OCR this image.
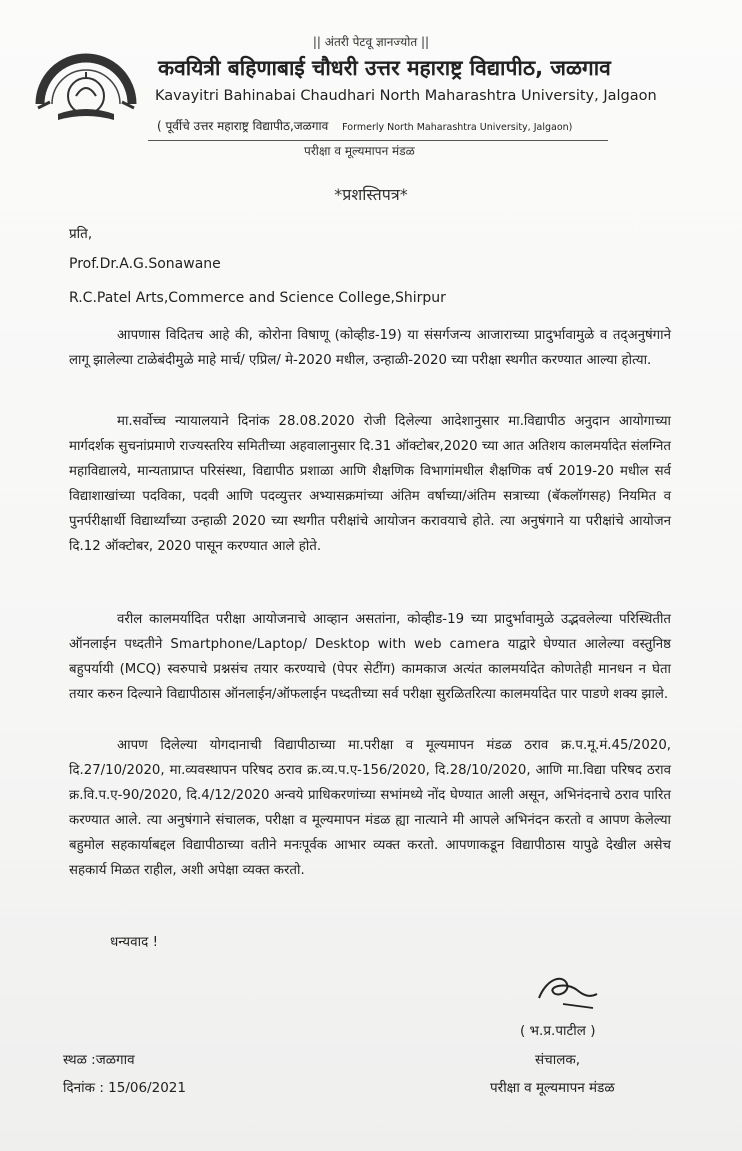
|| अंतरी पेटवू ज्ञानज्योत ||
कवयित्री बहिणाबाई चौधरी उत्तर महाराष्ट्र विद्यापीठ, जळगाव
Kavayitri Bahinabai Chaudhari North Maharashtra University, Jalgaon
( पूर्वीचे उत्तर महाराष्ट्र विद्यापीठ,जळगाव Formerly North Maharashtra University, Jalgaon)
परीक्षा व मूल्यमापन मंडळ
*प्रशस्तिपत्र*
प्रति,
Prof.Dr.A.G.Sonawane
R.C.Patel Arts,Commerce and Science College,Shirpur
आपणास विदितच आहे की, कोरोना विषाणू (कोव्हीड-19) या संसर्गजन्य आजाराच्या प्रादुर्भावामुळे व तद्अनुषंगाने लागू झालेल्या टाळेबंदीमुळे माहे मार्च/ एप्रिल/ मे-2020 मधील, उन्हाळी-2020 च्या परीक्षा स्थगीत करण्यात आल्या होत्या.
मा.सर्वोच्च न्यायालयाने दिनांक 28.08.2020 रोजी दिलेल्या आदेशानुसार मा.विद्यापीठ अनुदान आयोगाच्या मार्गदर्शक सुचनांप्रमाणे राज्यस्तरिय समितीच्या अहवालानुसार दि.31 ऑक्टोबर,2020 च्या आत अतिशय कालमर्यादेत संलग्नित महाविद्यालये, मान्यताप्राप्त परिसंस्था, विद्यापीठ प्रशाळा आणि शैक्षणिक विभागांमधील शैक्षणिक वर्ष 2019-20 मधील सर्व विद्याशाखांच्या पदविका, पदवी आणि पदव्युत्तर अभ्यासक्रमांच्या अंतिम वर्षाच्या/अंतिम सत्राच्या (बॅकलॉगसह) नियमित व पुनर्परीक्षार्थी विद्यार्थ्यांच्या उन्हाळी 2020 च्या स्थगीत परीक्षांचे आयोजन करावयाचे होते. त्या अनुषंगाने या परीक्षांचे आयोजन दि.12 ऑक्टोबर, 2020 पासून करण्यात आले होते.
वरील कालमर्यादित परीक्षा आयोजनाचे आव्हान असतांना, कोव्हीड-19 च्या प्रादुर्भावामुळे उद्भवलेल्या परिस्थितीत ऑनलाईन पध्दतीने Smartphone/Laptop/ Desktop with web camera याद्वारे घेण्यात आलेल्या वस्तुनिष्ठ बहुपर्यायी (MCQ) स्वरुपाचे प्रश्नसंच तयार करण्याचे (पेपर सेटींग) कामकाज अत्यंत कालमर्यादेत कोणतेही मानधन न घेता तयार करुन दिल्याने विद्यापीठास ऑनलाईन/ऑफलाईन पध्दतीच्या सर्व परीक्षा सुरळितरित्या कालमर्यादेत पार पाडणे शक्य झाले.
आपण दिलेल्या योगदानाची विद्यापीठाच्या मा.परीक्षा व मूल्यमापन मंडळ ठराव क्र.प.मू.मं.45/2020, दि.27/10/2020, मा.व्यवस्थापन परिषद ठराव क्र.व्य.प.ए-156/2020, दि.28/10/2020, आणि मा.विद्या परिषद ठराव क्र.वि.प.ए-90/2020, दि.4/12/2020 अन्वये प्राधिकरणांच्या सभांमध्ये नोंद घेण्यात आली असून, अभिनंदनाचे ठराव पारित करण्यात आले. त्या अनुषंगाने संचालक, परीक्षा व मूल्यमापन मंडळ ह्या नात्याने मी आपले अभिनंदन करतो व आपण केलेल्या बहुमोल सहकार्याबद्दल विद्यापीठाच्या वतीने मनःपूर्वक आभार व्यक्त करतो. आपणाकडून विद्यापीठास यापुढे देखील असेच सहकार्य मिळत राहील, अशी अपेक्षा व्यक्त करतो.
धन्यवाद !
( भ.प्र.पाटील )
संचालक,
परीक्षा व मूल्यमापन मंडळ
स्थळ :जळगाव
दिनांक : 15/06/2021
